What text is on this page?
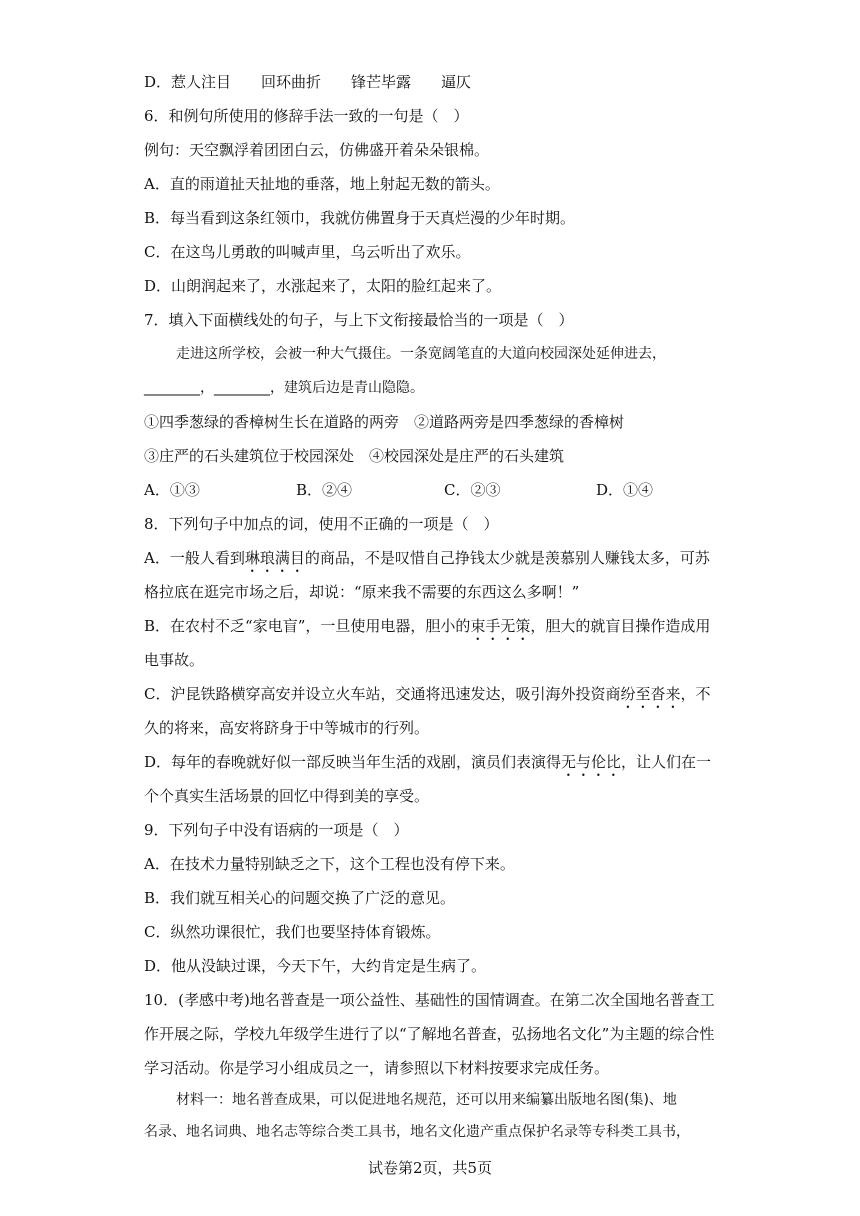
D．惹人注目　　回环曲折　　锋芒毕露　　逼仄
6．和例句所使用的修辞手法一致的一句是（　）
例句：天空飘浮着团团白云，仿佛盛开着朵朵银棉。
A．直的雨道扯天扯地的垂落，地上射起无数的箭头。
B．每当看到这条红领巾，我就仿佛置身于天真烂漫的少年时期。
C．在这鸟儿勇敢的叫喊声里，乌云听出了欢乐。
D．山朗润起来了，水涨起来了，太阳的脸红起来了。
7．填入下面横线处的句子，与上下文衔接最恰当的一项是（　）
走进这所学校，会被一种大气摄住。一条宽阔笔直的大道向校园深处延伸进去，
________，________，建筑后边是青山隐隐。
①四季葱绿的香樟树生长在道路的两旁　②道路两旁是四季葱绿的香樟树
③庄严的石头建筑位于校园深处　④校园深处是庄严的石头建筑
A．①③	B．②④	C．②③	D．①④
8．下列句子中加点的词，使用不正确的一项是（　）
A．一般人看到琳琅满目的商品，不是叹惜自己挣钱太少就是羡慕别人赚钱太多，可苏
格拉底在逛完市场之后，却说：“原来我不需要的东西这么多啊！”
B．在农村不乏“家电盲”，一旦使用电器，胆小的束手无策，胆大的就盲目操作造成用
电事故。
C．沪昆铁路横穿高安并设立火车站，交通将迅速发达，吸引海外投资商纷至沓来，不
久的将来，高安将跻身于中等城市的行列。
D．每年的春晚就好似一部反映当年生活的戏剧，演员们表演得无与伦比，让人们在一
个个真实生活场景的回忆中得到美的享受。
9．下列句子中没有语病的一项是（　）
A．在技术力量特别缺乏之下，这个工程也没有停下来。
B．我们就互相关心的问题交换了广泛的意见。
C．纵然功课很忙，我们也要坚持体育锻炼。
D．他从没缺过课，今天下午，大约肯定是生病了。
10．(孝感中考)地名普查是一项公益性、基础性的国情调查。在第二次全国地名普查工
作开展之际，学校九年级学生进行了以“了解地名普查，弘扬地名文化”为主题的综合性
学习活动。你是学习小组成员之一，请参照以下材料按要求完成任务。
材料一：地名普查成果，可以促进地名规范，还可以用来编纂出版地名图(集)、地
名录、地名词典、地名志等综合类工具书，地名文化遗产重点保护名录等专科类工具书，
试卷第2页，共5页
